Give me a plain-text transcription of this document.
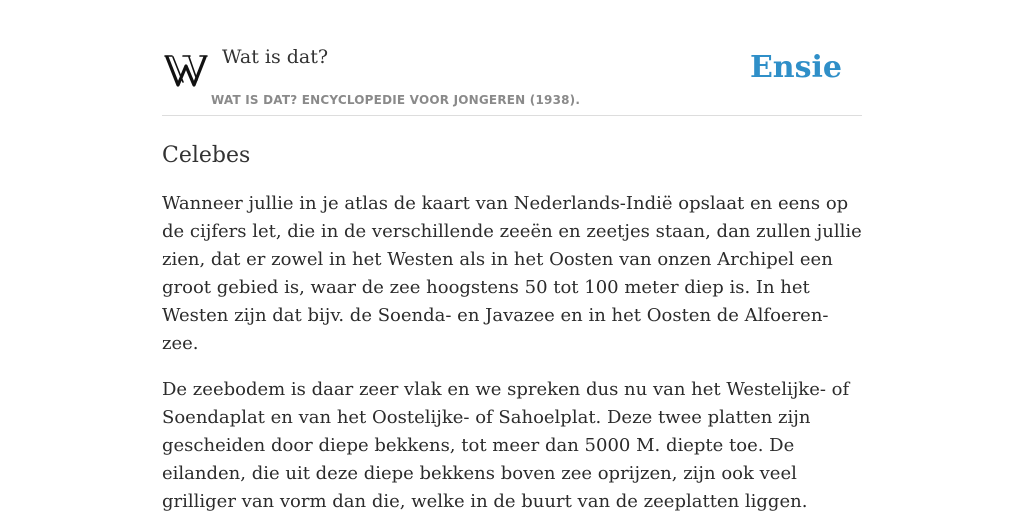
Wat is dat?
WAT IS DAT? ENCYCLOPEDIE VOOR JONGEREN (1938).
Ensie
Celebes

Wanneer jullie in je atlas de kaart van Nederlands-Indië opslaat en eens op de cijfers let, die in de verschillende zeeën en zeetjes staan, dan zullen jullie zien, dat er zowel in het Westen als in het Oosten van onzen Archipel een groot gebied is, waar de zee hoogstens 50 tot 100 meter diep is. In het Westen zijn dat bijv. de Soenda- en Javazee en in het Oosten de Alfoeren-zee.

De zeebodem is daar zeer vlak en we spreken dus nu van het Westelijke- of Soendaplat en van het Oostelijke- of Sahoelplat. Deze twee platten zijn gescheiden door diepe bekkens, tot meer dan 5000 M. diepte toe. De eilanden, die uit deze diepe bekkens boven zee oprijzen, zijn ook veel grilliger van vorm dan die, welke in de buurt van de zeeplatten liggen.
